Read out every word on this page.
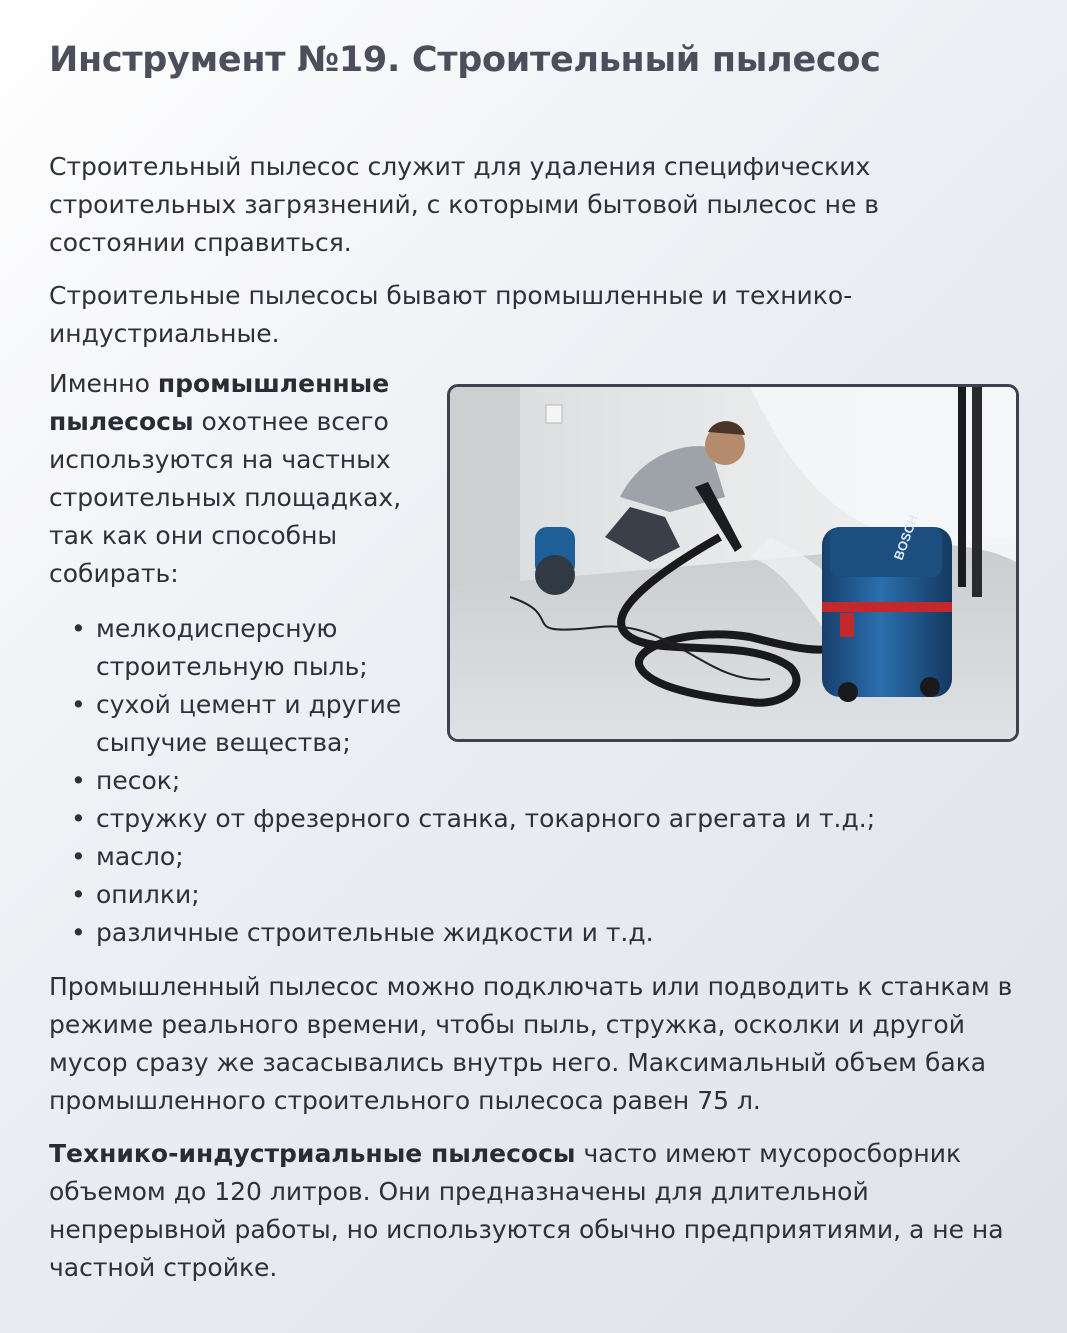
Инструмент №19. Строительный пылесос

Строительный пылесос служит для удаления специфических строительных загрязнений, с которыми бытовой пылесос не в состоянии справиться.

Строительные пылесосы бывают промышленные и технико-индустриальные.

Именно промышленные пылесосы охотнее всего используются на частных строительных площадках, так как они способны собирать:

BOSCH
• мелкодисперсную строительную пыль;
• сухой цемент и другие сыпучие вещества;
• песок;
• стружку от фрезерного станка, токарного агрегата и т.д.;
• масло;
• опилки;
• различные строительные жидкости и т.д.

Промышленный пылесос можно подключать или подводить к станкам в режиме реального времени, чтобы пыль, стружка, осколки и другой мусор сразу же засасывались внутрь него. Максимальный объем бака промышленного строительного пылесоса равен 75 л.

Технико-индустриальные пылесосы часто имеют мусоросборник объемом до 120 литров. Они предназначены для длительной непрерывной работы, но используются обычно предприятиями, а не на частной стройке.
